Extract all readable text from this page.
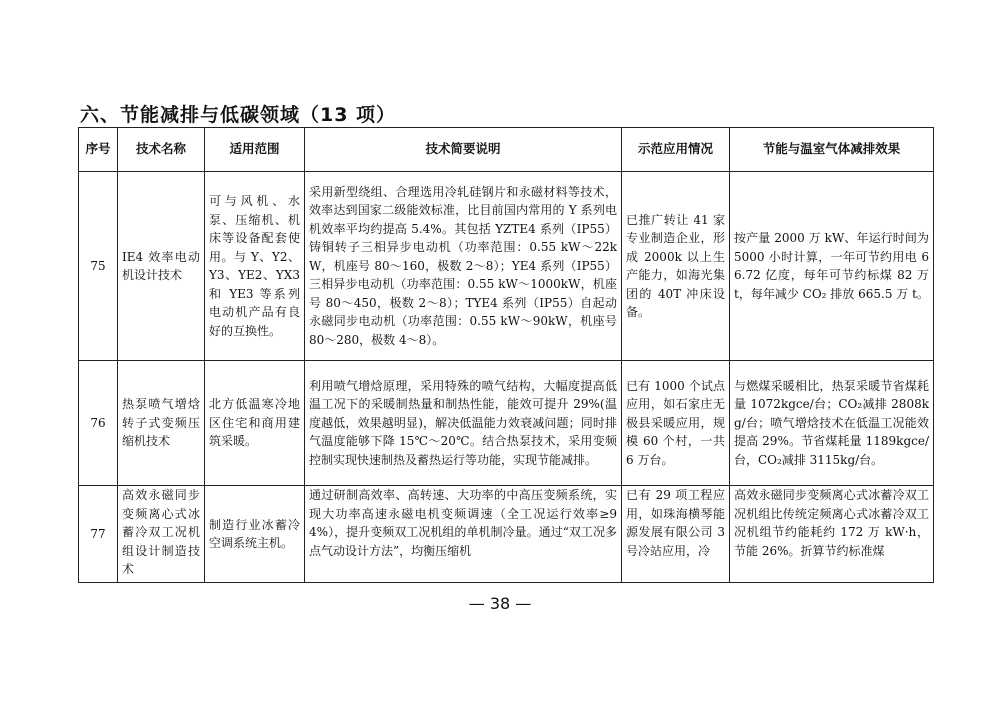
六、节能减排与低碳领域（13 项）
序号	技术名称	适用范围	技术简要说明	示范应用情况	节能与温室气体减排效果
75	IE4 效率电动机设计技术	可与风机、水泵、压缩机、机床等设备配套使用。与 Y、Y2、Y3、YE2、YX3 和 YE3 等系列电动机产品有良好的互换性。	采用新型绕组、合理选用冷轧硅钢片和永磁材料等技术，效率达到国家二级能效标准，比目前国内常用的 Y 系列电机效率平均约提高 5.4%。其包括 YZTE4 系列（IP55）铸铜转子三相异步电动机（功率范围：0.55 kW～22kW，机座号 80～160，极数 2～8）；YE4 系列（IP55）三相异步电动机（功率范围：0.55 kW～1000kW，机座号 80～450，极数 2～8）；TYE4 系列（IP55）自起动永磁同步电动机（功率范围：0.55 kW～90kW，机座号 80～280，极数 4～8）。	已推广转让 41 家专业制造企业，形成 2000k 以上生产能力，如海光集团的 40T 冲床设备。	按产量 2000 万 kW、年运行时间为 5000 小时计算，一年可节约用电 66.72 亿度，每年可节约标煤 82 万 t，每年减少 CO₂ 排放 665.5 万 t。
76	热泵喷气增焓转子式变频压缩机技术	北方低温寒冷地区住宅和商用建筑采暖。	利用喷气增焓原理，采用特殊的喷气结构，大幅度提高低温工况下的采暖制热量和制热性能，能效可提升 29%(温度越低，效果越明显)，解决低温能力效衰减问题；同时排气温度能够下降 15℃～20℃。结合热泵技术，采用变频控制实现快速制热及蓄热运行等功能，实现节能减排。	已有 1000 个试点应用，如石家庄无极县采暖应用，规模 60 个村，一共 6 万台。	与燃煤采暖相比，热泵采暖节省煤耗量 1072kgce/台；CO₂减排 2808kg/台；喷气增焓技术在低温工况能效提高 29%。节省煤耗量 1189kgce/台，CO₂减排 3115kg/台。
77	高效永磁同步变频离心式冰蓄冷双工况机组设计制造技术	制造行业冰蓄冷空调系统主机。	通过研制高效率、高转速、大功率的中高压变频系统，实现大功率高速永磁电机变频调速（全工况运行效率≥94%），提升变频双工况机组的单机制冷量。通过“双工况多点气动设计方法”，均衡压缩机	已有 29 项工程应用，如珠海横琴能源发展有限公司 3 号冷站应用，冷	高效永磁同步变频离心式冰蓄冷双工况机组比传统定频离心式冰蓄冷双工况机组节约能耗约 172 万 kW·h，节能 26%。折算节约标准煤
— 38 —
